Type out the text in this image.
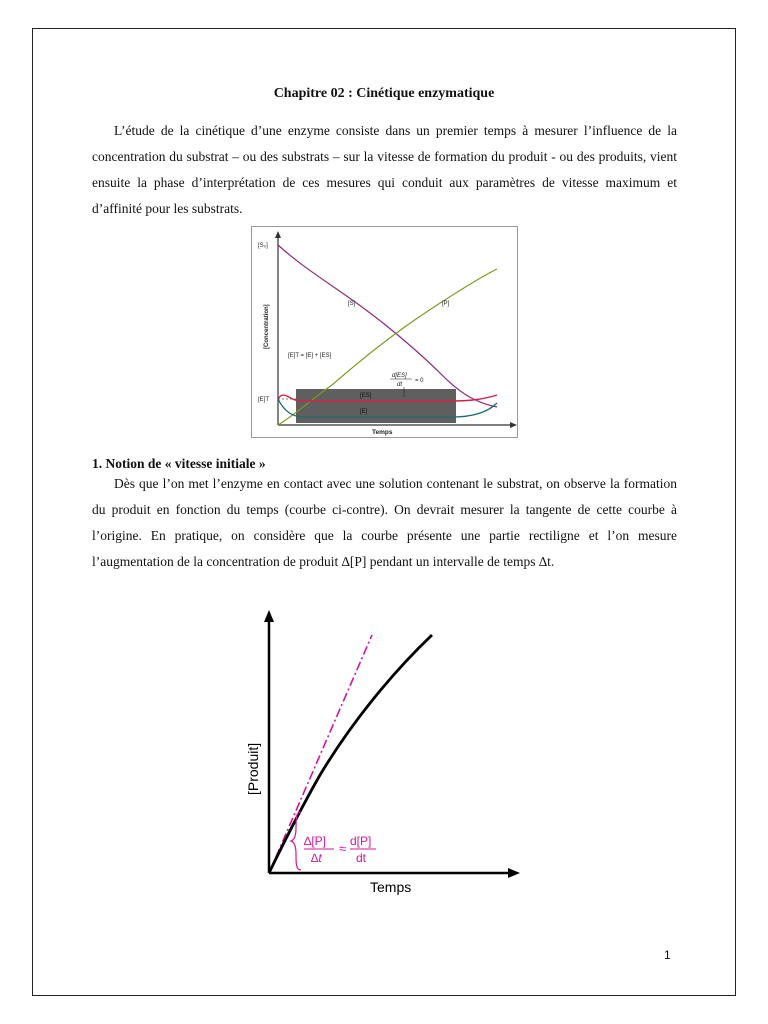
Chapitre 02 : Cinétique enzymatique

L’étude de la cinétique d’une enzyme consiste dans un premier temps à mesurer l’influence de la concentration du substrat – ou des substrats – sur la vitesse de formation du produit - ou des produits, vient ensuite la phase d’interprétation de ces mesures qui conduit aux paramètres de vitesse maximum et d’affinité pour les substrats.

[S₀]
[S]	[P]
[E]T
[E]T = [E] + [ES]
d[ES]
dt
= 0
[ES]
[E]
Temps
[Concentration]
1. Notion de « vitesse initiale »

Dès que l’on met l’enzyme en contact avec une solution contenant le substrat, on observe la formation du produit en fonction du temps (courbe ci-contre). On devrait mesurer la tangente de cette courbe à l’origine. En pratique, on considère que la courbe présente une partie rectiligne et l’on mesure l’augmentation de la concentration de produit ∆[P] pendant un intervalle de temps ∆t.

∆[P]
∆t
≈ d[P]
dt
Temps
[Produit]
1
